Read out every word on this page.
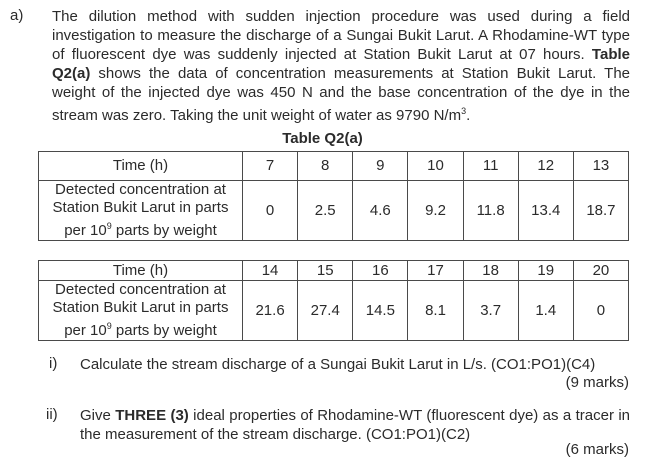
a) The dilution method with sudden injection procedure was used during a field investigation to measure the discharge of a Sungai Bukit Larut. A Rhodamine-WT type of fluorescent dye was suddenly injected at Station Bukit Larut at 07 hours. Table Q2(a) shows the data of concentration measurements at Station Bukit Larut. The weight of the injected dye was 450 N and the base concentration of the dye in the stream was zero. Taking the unit weight of water as 9790 $N/m^3$.
Table Q2(a)
Time (h)	7	8	9	10	11	12	13
Detected concentration at
Station Bukit Larut in parts
per $10^9$ parts by weight	0	2.5	4.6	9.2	11.8	13.4	18.7
Time (h)	14	15	16	17	18	19	20
Detected concentration at
Station Bukit Larut in parts
per $10^9$ parts by weight	21.6	27.4	14.5	8.1	3.7	1.4	0
i) Calculate the stream discharge of a Sungai Bukit Larut in L/s. (CO1:PO1)(C4)
(9 marks)
ii) Give THREE (3) ideal properties of Rhodamine-WT (fluorescent dye) as a tracer in the measurement of the stream discharge. (CO1:PO1)(C2)
(6 marks)
